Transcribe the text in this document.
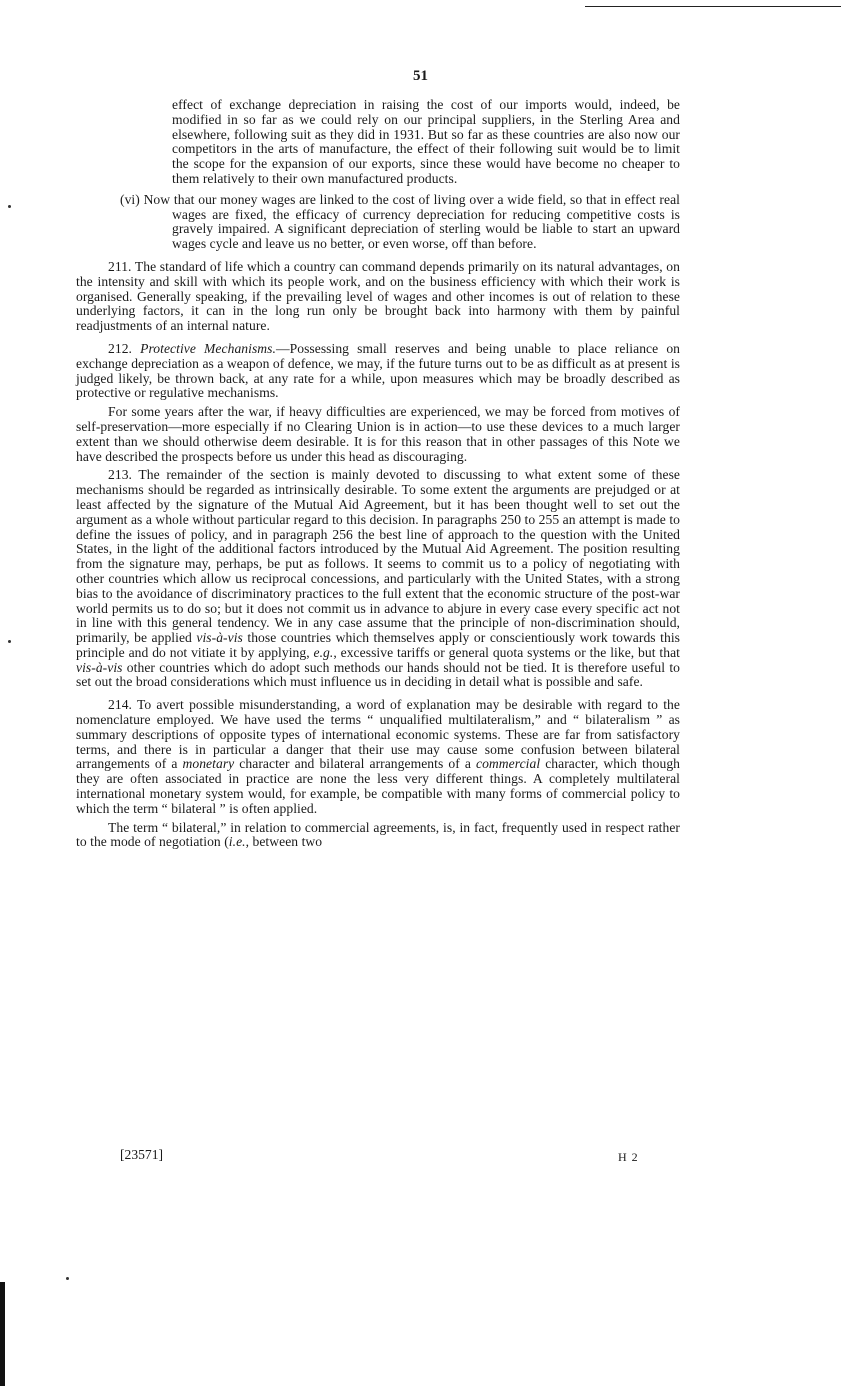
51

effect of exchange depreciation in raising the cost of our imports would, indeed, be modified in so far as we could rely on our principal suppliers, in the Sterling Area and elsewhere, following suit as they did in 1931. But so far as these countries are also now our competitors in the arts of manufacture, the effect of their following suit would be to limit the scope for the expansion of our exports, since these would have become no cheaper to them relatively to their own manufactured products.

(vi) Now that our money wages are linked to the cost of living over a wide field, so that in effect real wages are fixed, the efficacy of currency depreciation for reducing competitive costs is gravely impaired. A significant depreciation of sterling would be liable to start an upward wages cycle and leave us no better, or even worse, off than before.

211. The standard of life which a country can command depends primarily on its natural advantages, on the intensity and skill with which its people work, and on the business efficiency with which their work is organised. Generally speaking, if the prevailing level of wages and other incomes is out of relation to these underlying factors, it can in the long run only be brought back into harmony with them by painful readjustments of an internal nature.

212. Protective Mechanisms.—Possessing small reserves and being unable to place reliance on exchange depreciation as a weapon of defence, we may, if the future turns out to be as difficult as at present is judged likely, be thrown back, at any rate for a while, upon measures which may be broadly described as protective or regulative mechanisms.

For some years after the war, if heavy difficulties are experienced, we may be forced from motives of self-preservation—more especially if no Clearing Union is in action—to use these devices to a much larger extent than we should otherwise deem desirable. It is for this reason that in other passages of this Note we have described the prospects before us under this head as discouraging.

213. The remainder of the section is mainly devoted to discussing to what extent some of these mechanisms should be regarded as intrinsically desirable. To some extent the arguments are prejudged or at least affected by the signature of the Mutual Aid Agreement, but it has been thought well to set out the argument as a whole without particular regard to this decision. In paragraphs 250 to 255 an attempt is made to define the issues of policy, and in paragraph 256 the best line of approach to the question with the United States, in the light of the additional factors introduced by the Mutual Aid Agreement. The position resulting from the signature may, perhaps, be put as follows. It seems to commit us to a policy of negotiating with other countries which allow us reciprocal concessions, and particularly with the United States, with a strong bias to the avoidance of discriminatory practices to the full extent that the economic structure of the post-war world permits us to do so; but it does not commit us in advance to abjure in every case every specific act not in line with this general tendency. We in any case assume that the principle of non-discrimination should, primarily, be applied vis-à-vis those countries which themselves apply or conscientiously work towards this principle and do not vitiate it by applying, e.g., excessive tariffs or general quota systems or the like, but that vis-à-vis other countries which do adopt such methods our hands should not be tied. It is therefore useful to set out the broad considerations which must influence us in deciding in detail what is possible and safe.

214. To avert possible misunderstanding, a word of explanation may be desirable with regard to the nomenclature employed. We have used the terms “ unqualified multilateralism,” and “ bilateralism ” as summary descriptions of opposite types of international economic systems. These are far from satisfactory terms, and there is in particular a danger that their use may cause some confusion between bilateral arrangements of a monetary character and bilateral arrangements of a commercial character, which though they are often associated in practice are none the less very different things. A completely multilateral international monetary system would, for example, be compatible with many forms of commercial policy to which the term “ bilateral ” is often applied.

The term “ bilateral,” in relation to commercial agreements, is, in fact, frequently used in respect rather to the mode of negotiation (i.e., between two

[23571]	H 2
